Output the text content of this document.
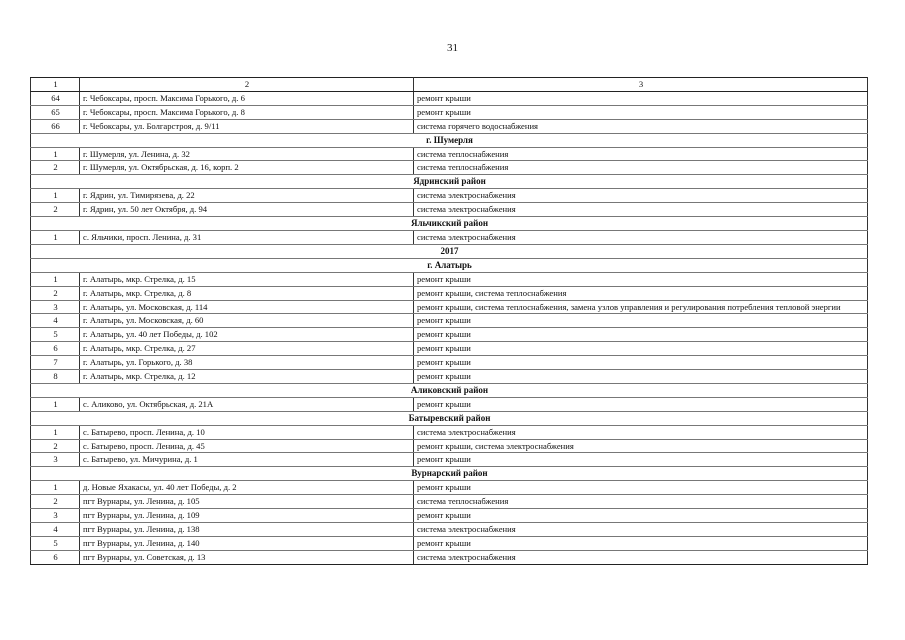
31
1	2	3
64	г. Чебоксары, просп. Максима Горького, д. 6	ремонт крыши
65	г. Чебоксары, просп. Максима Горького, д. 8	ремонт крыши
66	г. Чебоксары, ул. Болгарстроя, д. 9/11	система горячего водоснабжения
г. Шумерля		
1	г. Шумерля, ул. Ленина, д. 32	система теплоснабжения
2	г. Шумерля, ул. Октябрьская, д. 16, корп. 2	система теплоснабжения
Ядринский район		
1	г. Ядрин, ул. Тимирязева, д. 22	система электроснабжения
2	г. Ядрин, ул. 50 лет Октября, д. 94	система электроснабжения
Яльчикский район		
1	с. Яльчики, просп. Ленина, д. 31	система электроснабжения
2017		
г. Алатырь		
1	г. Алатырь, мкр. Стрелка, д. 15	ремонт крыши
2	г. Алатырь, мкр. Стрелка, д. 8	ремонт крыши, система теплоснабжения
3	г. Алатырь, ул. Московская, д. 114	ремонт крыши, система теплоснабжения, замена узлов управления и регулирования потребления тепловой энергии
4	г. Алатырь, ул. Московская, д. 60	ремонт крыши
5	г. Алатырь, ул. 40 лет Победы, д. 102	ремонт крыши
6	г. Алатырь, мкр. Стрелка, д. 27	ремонт крыши
7	г. Алатырь, ул. Горького, д. 38	ремонт крыши
8	г. Алатырь, мкр. Стрелка, д. 12	ремонт крыши
Аликовский район		
1	с. Аликово, ул. Октябрьская, д. 21А	ремонт крыши
Батыревский район		
1	с. Батырево, просп. Ленина, д. 10	система электроснабжения
2	с. Батырево, просп. Ленина, д. 45	ремонт крыши, система электроснабжения
3	с. Батырево, ул. Мичурина, д. 1	ремонт крыши
Вурнарский район		
1	д. Новые Яхакасы, ул. 40 лет Победы, д. 2	ремонт крыши
2	пгт Вурнары, ул. Ленина, д. 105	система теплоснабжения
3	пгт Вурнары, ул. Ленина, д. 109	ремонт крыши
4	пгт Вурнары, ул. Ленина, д. 138	система электроснабжения
5	пгт Вурнары, ул. Ленина, д. 140	ремонт крыши
6	пгт Вурнары, ул. Советская, д. 13	система электроснабжения
